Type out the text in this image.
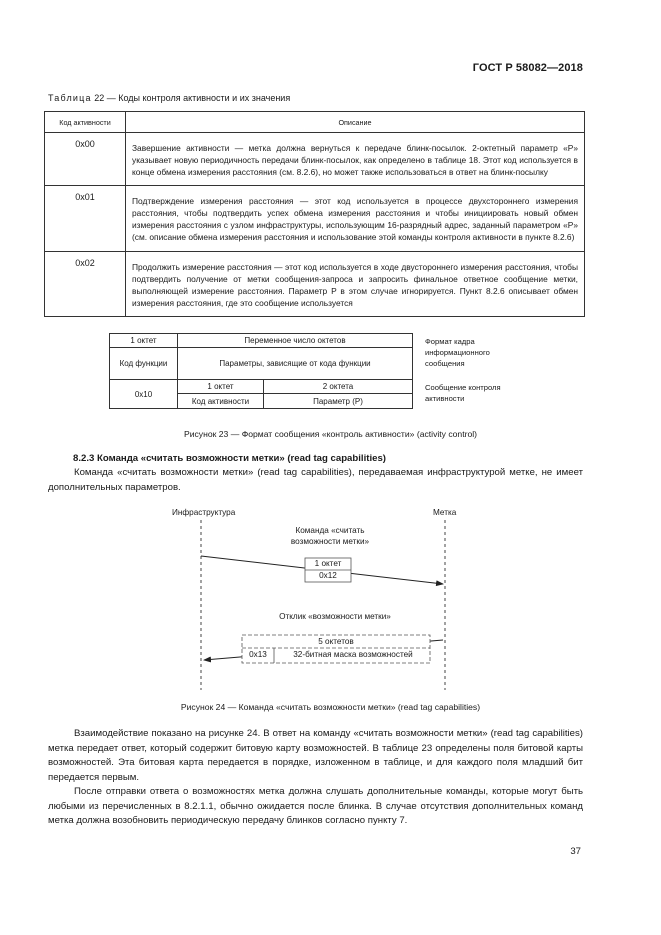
ГОСТ Р 58082—2018
Таблица 22 — Коды контроля активности и их значения
Код активности	Описание
0x00	Завершение активности — метка должна вернуться к передаче блинк-посылок. 2-октетный параметр «P» указывает новую периодичность передачи блинк-посылок, как определено в таблице 18. Этот код используется в конце обмена измерения расстояния (см. 8.2.6), но может также использоваться в ответ на блинк-посылку
0x01	Подтверждение измерения расстояния — этот код используется в процессе двухстороннего измерения расстояния, чтобы подтвердить успех обмена измерения расстояния и чтобы инициировать новый обмен измерения расстояния с узлом инфраструктуры, использующим 16-разрядный адрес, заданный параметром «P» (см. описание обмена измерения расстояния и использование этой команды контроля активности в пункте 8.2.6)
0x02	Продолжить измерение расстояния — этот код используется в ходе двустороннего измерения расстояния, чтобы подтвердить получение от метки сообщения-запроса и запросить финальное ответное сообщение метки, выполняющей измерение расстояния. Параметр P в этом случае игнорируется. Пункт 8.2.6 описывает обмен измерения расстояния, где это сообщение используется
1 октет	Переменное число октетов	
Код функции	Параметры, зависящие от кода функции	
0x10	1 октет	2 октета
	Код активности	Параметр (P)
Формат кадра информационного сообщения
Сообщение контроля активности
Рисунок 23 — Формат сообщения «контроль активности» (activity control)
8.2.3 Команда «считать возможности метки» (read tag capabilities)
Команда «считать возможности метки» (read tag capabilities), передаваемая инфраструктурой метке, не имеет дополнительных параметров.
Инфраструктура	Метка
Команда «считать
возможности метки»
1 октет
0x12
Отклик «возможности метки»
5 октетов
0x13	32-битная маска возможностей
Рисунок 24 — Команда «считать возможности метки» (read tag capabilities)
Взаимодействие показано на рисунке 24. В ответ на команду «считать возможности метки» (read tag capabilities) метка передает ответ, который содержит битовую карту возможностей. В таблице 23 определены поля битовой карты возможностей. Эта битовая карта передается в порядке, изложенном в таблице, и для каждого поля младший бит передается первым.
После отправки ответа о возможностях метка должна слушать дополнительные команды, которые могут быть любыми из перечисленных в 8.2.1.1, обычно ожидается после блинка. В случае отсутствия дополнительных команд метка должна возобновить периодическую передачу блинков согласно пункту 7.
37
